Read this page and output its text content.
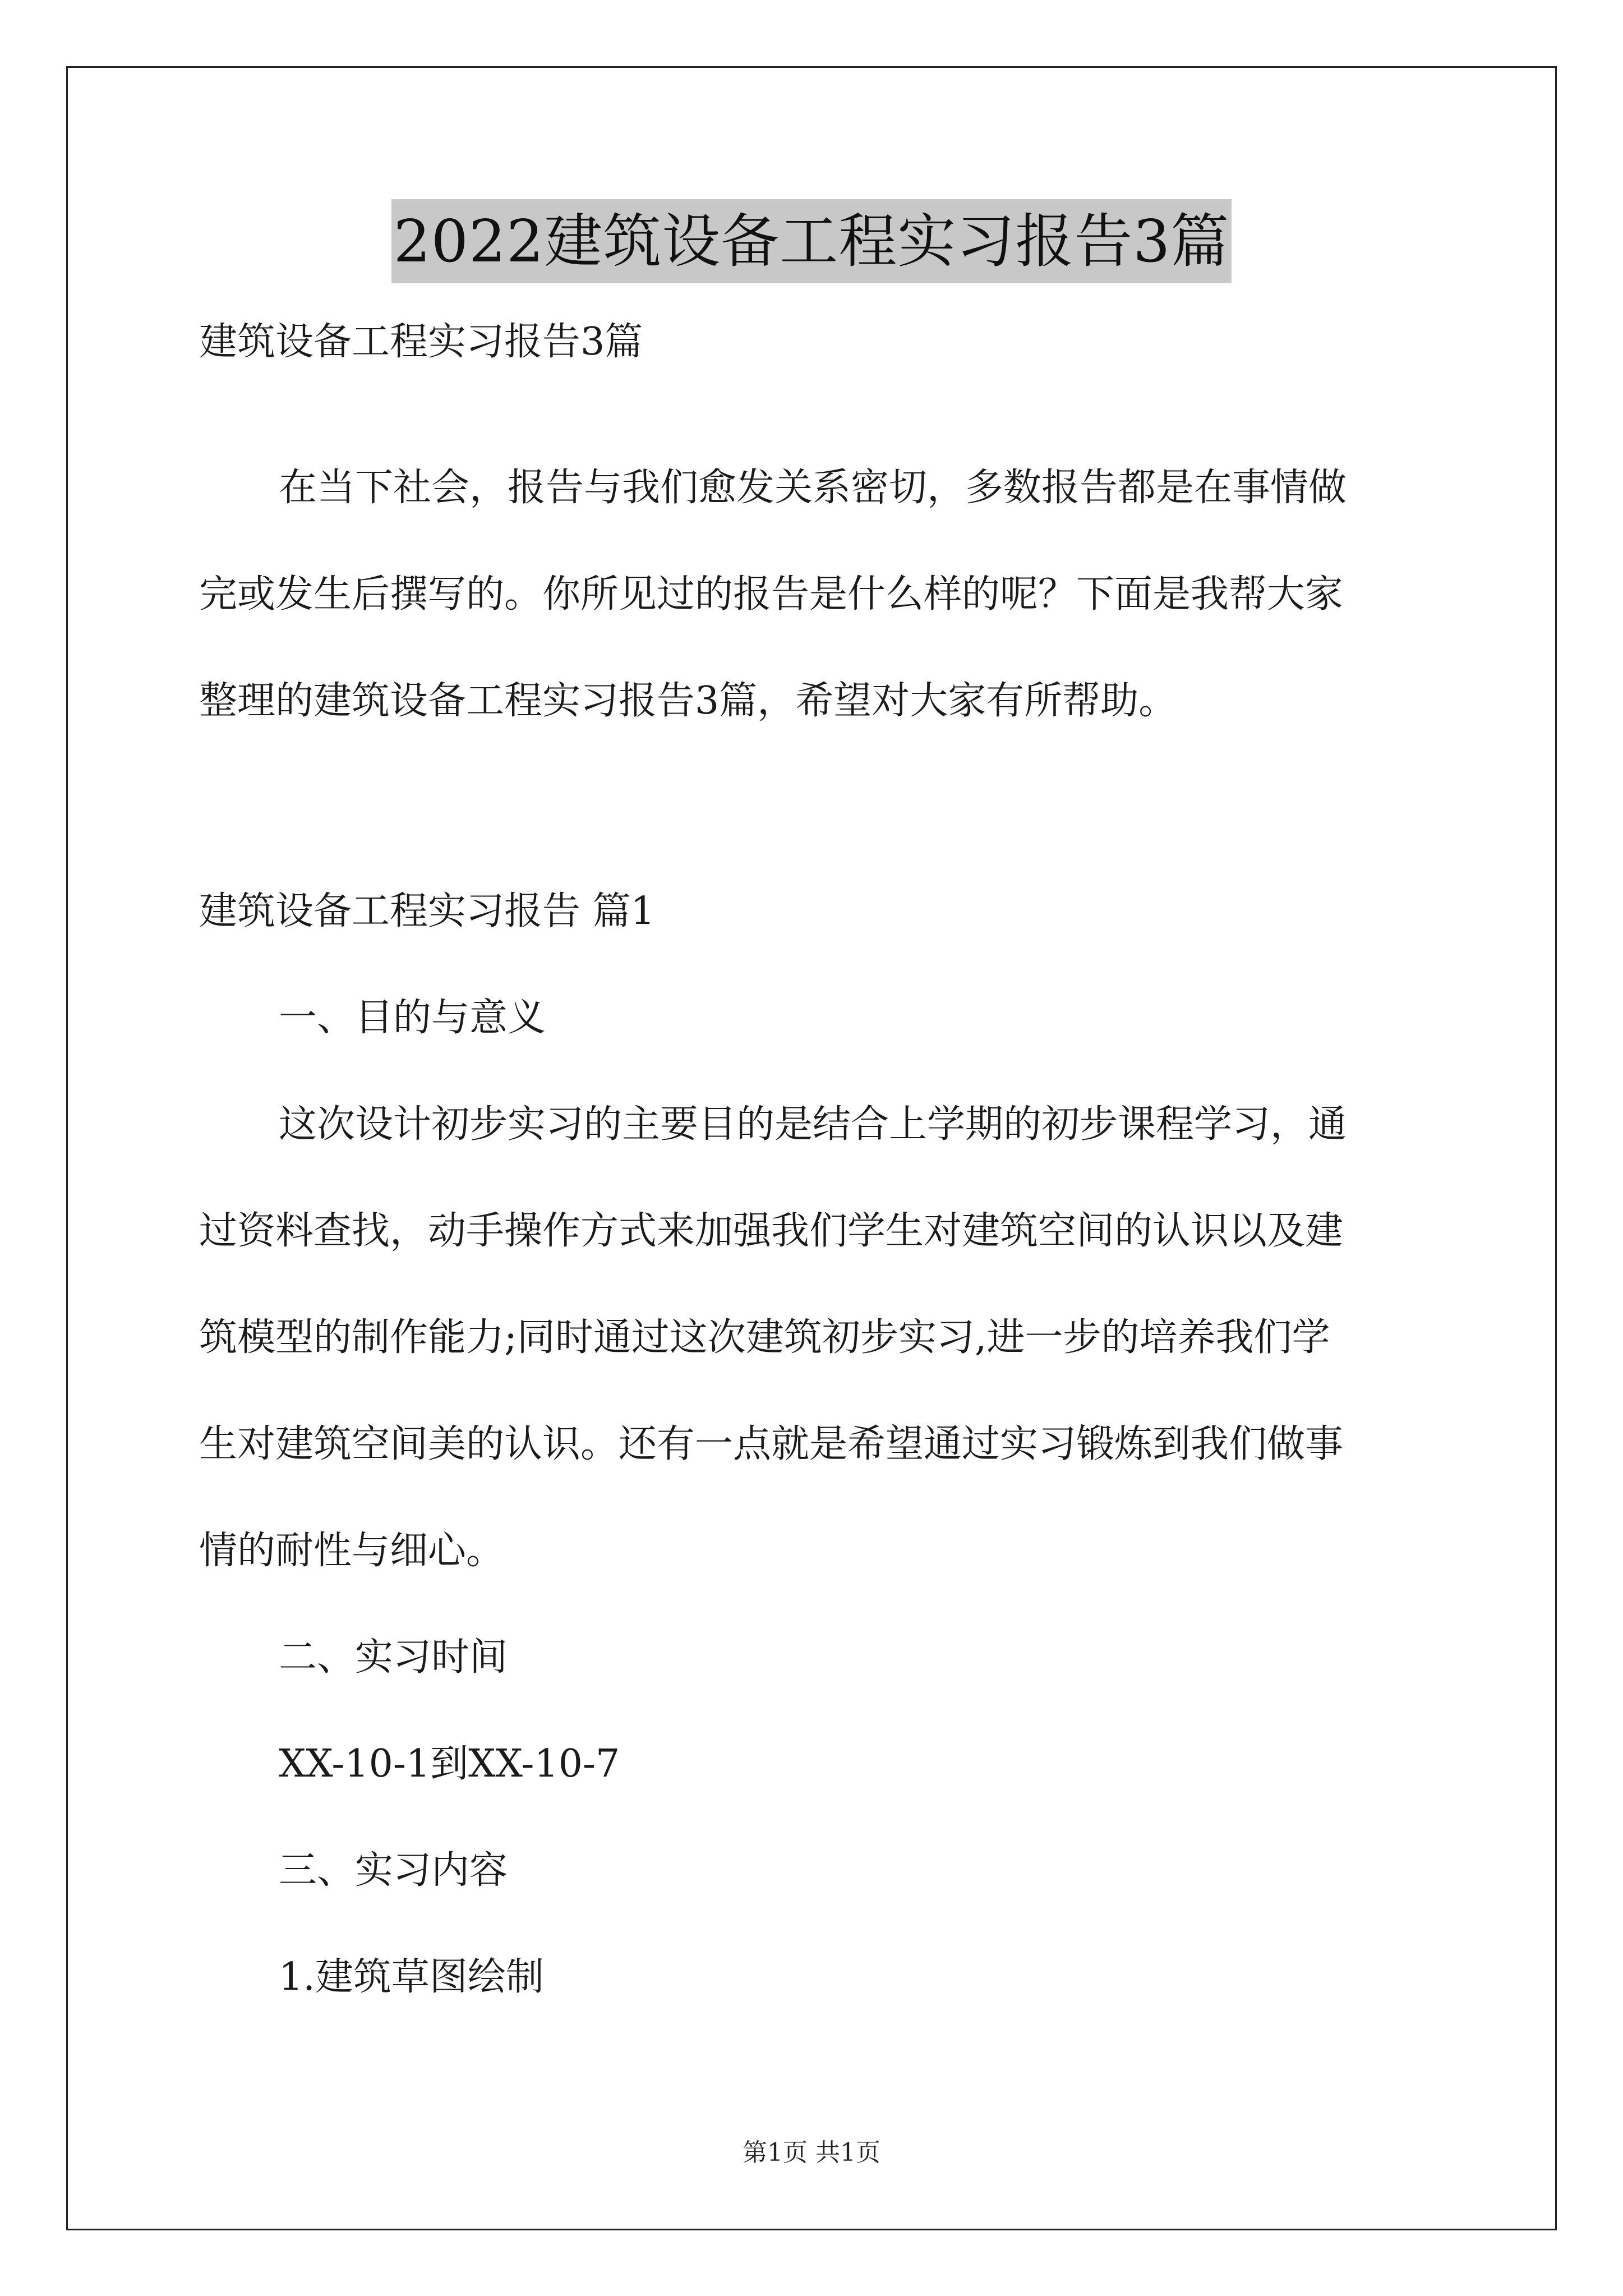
2022建筑设备工程实习报告3篇
建筑设备工程实习报告3篇
在当下社会，报告与我们愈发关系密切，多数报告都是在事情做
完或发生后撰写的。你所见过的报告是什么样的呢？下面是我帮大家
整理的建筑设备工程实习报告3篇，希望对大家有所帮助。
建筑设备工程实习报告 篇1
一、目的与意义
这次设计初步实习的主要目的是结合上学期的初步课程学习，通
过资料查找，动手操作方式来加强我们学生对建筑空间的认识以及建
筑模型的制作能力;同时通过这次建筑初步实习,进一步的培养我们学
生对建筑空间美的认识。还有一点就是希望通过实习锻炼到我们做事
情的耐性与细心。
二、实习时间
XX-10-1到XX-10-7
三、实习内容
1.建筑草图绘制
第1页 共1页
